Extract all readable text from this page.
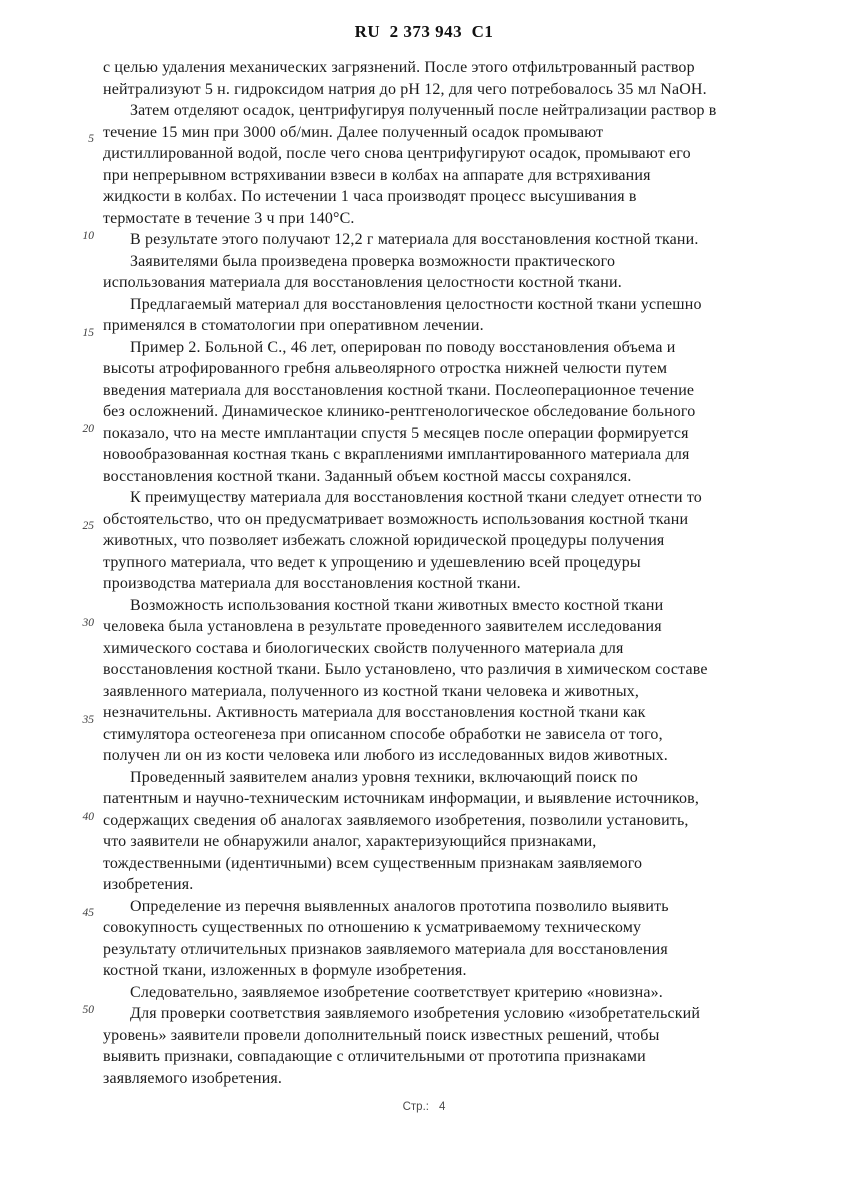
RU  2 373 943  C1
5
10
15
20
25
30
35
40
45
50
с целью удаления механических загрязнений. После этого отфильтрованный раствор
нейтрализуют 5 н. гидроксидом натрия до pH 12, для чего потребовалось 35 мл NaOH.
Затем отделяют осадок, центрифугируя полученный после нейтрализации раствор в
течение 15 мин при 3000 об/мин. Далее полученный осадок промывают
дистиллированной водой, после чего снова центрифугируют осадок, промывают его
при непрерывном встряхивании взвеси в колбах на аппарате для встряхивания
жидкости в колбах. По истечении 1 часа производят процесс высушивания в
термостате в течение 3 ч при 140°С.
В результате этого получают 12,2 г материала для восстановления костной ткани.
Заявителями была произведена проверка возможности практического
использования материала для восстановления целостности костной ткани.
Предлагаемый материал для восстановления целостности костной ткани успешно
применялся в стоматологии при оперативном лечении.
Пример 2. Больной С., 46 лет, оперирован по поводу восстановления объема и
высоты атрофированного гребня альвеолярного отростка нижней челюсти путем
введения материала для восстановления костной ткани. Послеоперационное течение
без осложнений. Динамическое клинико-рентгенологическое обследование больного
показало, что на месте имплантации спустя 5 месяцев после операции формируется
новообразованная костная ткань с вкраплениями имплантированного материала для
восстановления костной ткани. Заданный объем костной массы сохранялся.
К преимуществу материала для восстановления костной ткани следует отнести то
обстоятельство, что он предусматривает возможность использования костной ткани
животных, что позволяет избежать сложной юридической процедуры получения
трупного материала, что ведет к упрощению и удешевлению всей процедуры
производства материала для восстановления костной ткани.
Возможность использования костной ткани животных вместо костной ткани
человека была установлена в результате проведенного заявителем исследования
химического состава и биологических свойств полученного материала для
восстановления костной ткани. Было установлено, что различия в химическом составе
заявленного материала, полученного из костной ткани человека и животных,
незначительны. Активность материала для восстановления костной ткани как
стимулятора остеогенеза при описанном способе обработки не зависела от того,
получен ли он из кости человека или любого из исследованных видов животных.
Проведенный заявителем анализ уровня техники, включающий поиск по
патентным и научно-техническим источникам информации, и выявление источников,
содержащих сведения об аналогах заявляемого изобретения, позволили установить,
что заявители не обнаружили аналог, характеризующийся признаками,
тождественными (идентичными) всем существенным признакам заявляемого
изобретения.
Определение из перечня выявленных аналогов прототипа позволило выявить
совокупность существенных по отношению к усматриваемому техническому
результату отличительных признаков заявляемого материала для восстановления
костной ткани, изложенных в формуле изобретения.
Следовательно, заявляемое изобретение соответствует критерию «новизна».
Для проверки соответствия заявляемого изобретения условию «изобретательский
уровень» заявители провели дополнительный поиск известных решений, чтобы
выявить признаки, совпадающие с отличительными от прототипа признаками
заявляемого изобретения.
Стр.: 4
